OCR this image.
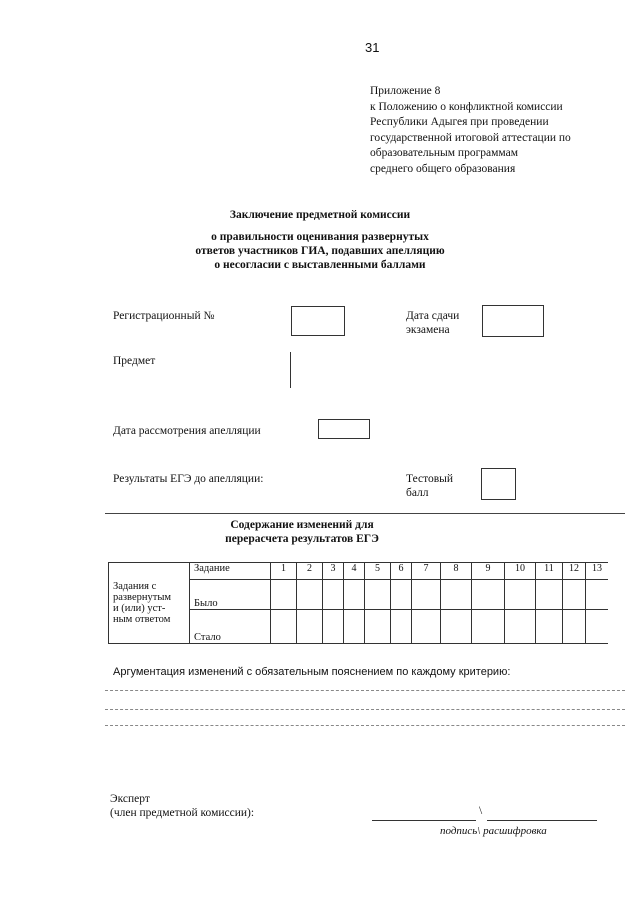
31
Приложение 8
к Положению о конфликтной комиссии
Республики Адыгея при проведении
государственной итоговой аттестации по
образовательным программам
среднего общего образования
Заключение предметной комиссии
о правильности оценивания развернутых
ответов участников ГИА, подавших апелляцию
о несогласии с выставленными баллами
Регистрационный №	Дата сдачи
экзамена
Предмет
Дата рассмотрения апелляции
Результаты ЕГЭ до апелляции:	Тестовый
балл
Содержание изменений для
перерасчета результатов ЕГЭ
Задания с
развернутым
и (или) уст-
ным ответом	Задание	1	2	3	4	5	6	7	8	9	10	11	12	13
	Было													
	Стало													
Аргументация изменений с обязательным пояснением по каждому критерию:
Эксперт
(член предметной комиссии):	\
подпись\ расшифровка
